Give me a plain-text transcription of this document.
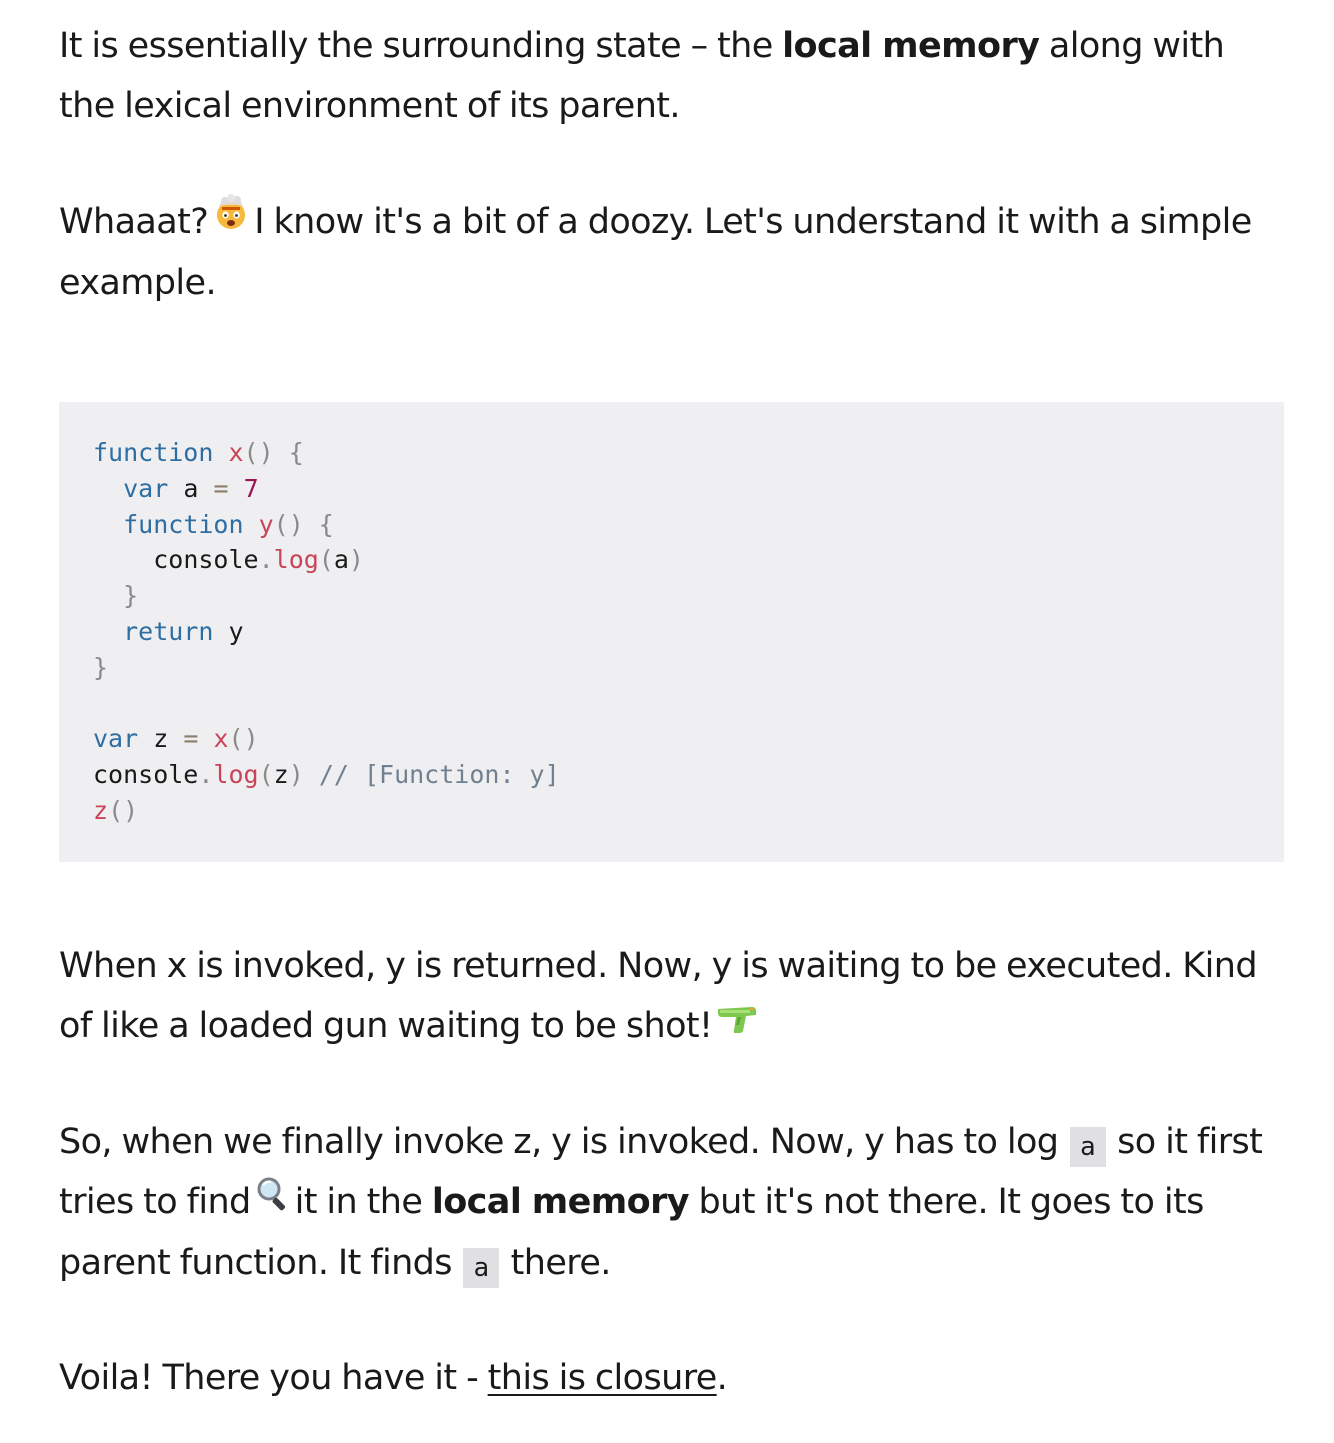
It is essentially the surrounding state – the local memory along with the lexical environment of its parent.

Whaaat? I know it's a bit of a doozy. Let's understand it with a simple example.

function x() {
var a = 7
function y() {
console.log(a)
}
return y
}
var z = x()
console.log(z) // [Function: y]
z()

When x is invoked, y is returned. Now, y is waiting to be executed. Kind of like a loaded gun waiting to be shot!

So, when we finally invoke z, y is invoked. Now, y has to log a so it first tries to find it in the local memory but it's not there. It goes to its parent function. It finds a there.

Voila! There you have it - this is closure.
